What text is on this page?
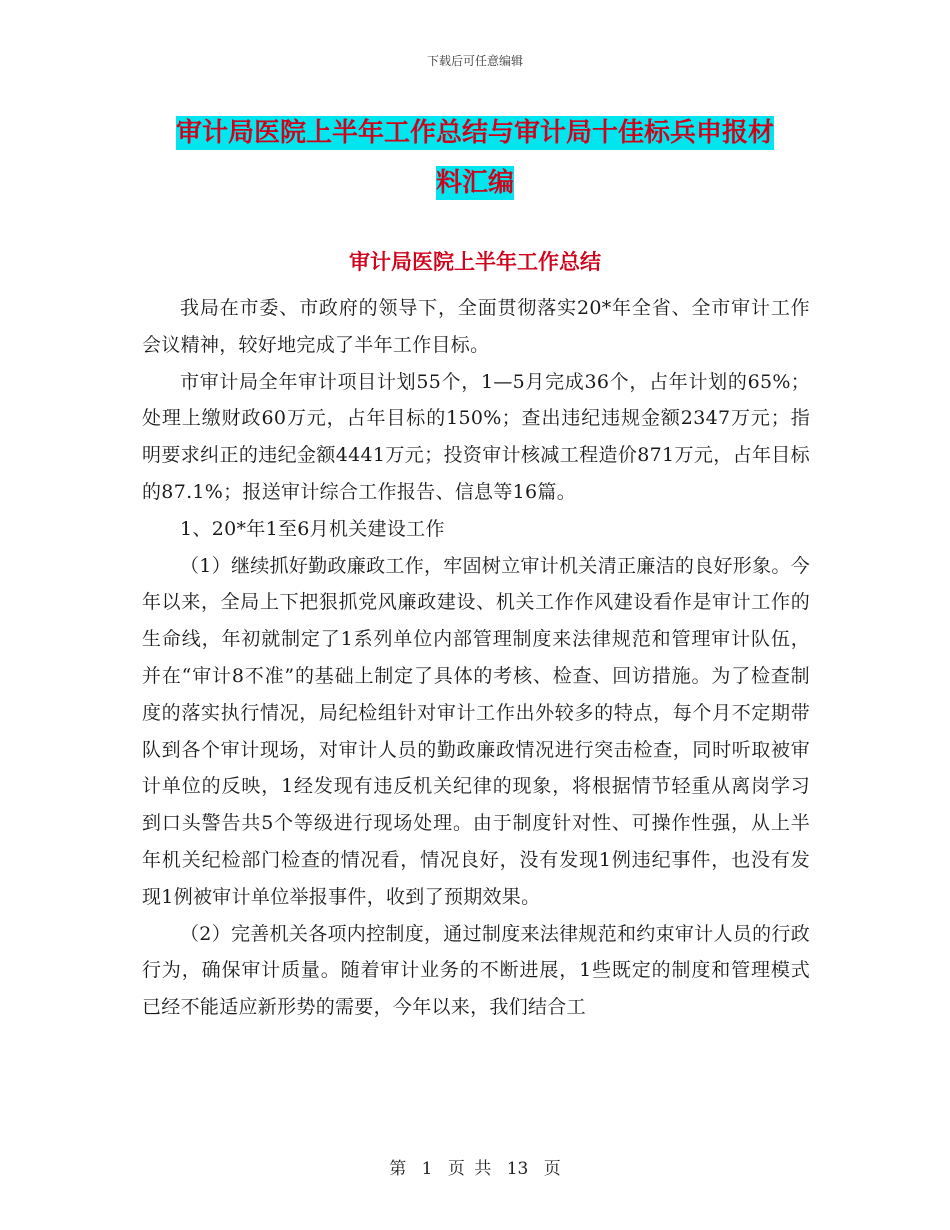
下载后可任意编辑
审计局医院上半年工作总结与审计局十佳标兵申报材
料汇编
审计局医院上半年工作总结

我局在市委、市政府的领导下，全面贯彻落实20*年全省、全市审计工作会议精神，较好地完成了半年工作目标。

市审计局全年审计项目计划55个，1—5月完成36个，占年计划的65%；处理上缴财政60万元，占年目标的150%；查出违纪违规金额2347万元；指明要求纠正的违纪金额4441万元；投资审计核减工程造价871万元，占年目标的87.1%；报送审计综合工作报告、信息等16篇。

1、20*年1至6月机关建设工作

（1）继续抓好勤政廉政工作，牢固树立审计机关清正廉洁的良好形象。今年以来，全局上下把狠抓党风廉政建设、机关工作作风建设看作是审计工作的生命线，年初就制定了1系列单位内部管理制度来法律规范和管理审计队伍，并在“审计8不准”的基础上制定了具体的考核、检查、回访措施。为了检查制度的落实执行情况，局纪检组针对审计工作出外较多的特点，每个月不定期带队到各个审计现场，对审计人员的勤政廉政情况进行突击检查，同时听取被审计单位的反映，1经发现有违反机关纪律的现象，将根据情节轻重从离岗学习到口头警告共5个等级进行现场处理。由于制度针对性、可操作性强，从上半年机关纪检部门检查的情况看，情况良好，没有发现1例违纪事件，也没有发现1例被审计单位举报事件，收到了预期效果。

（2）完善机关各项内控制度，通过制度来法律规范和约束审计人员的行政行为，确保审计质量。随着审计业务的不断进展，1些既定的制度和管理模式已经不能适应新形势的需要，今年以来，我们结合工

第 1 页 共 13 页
